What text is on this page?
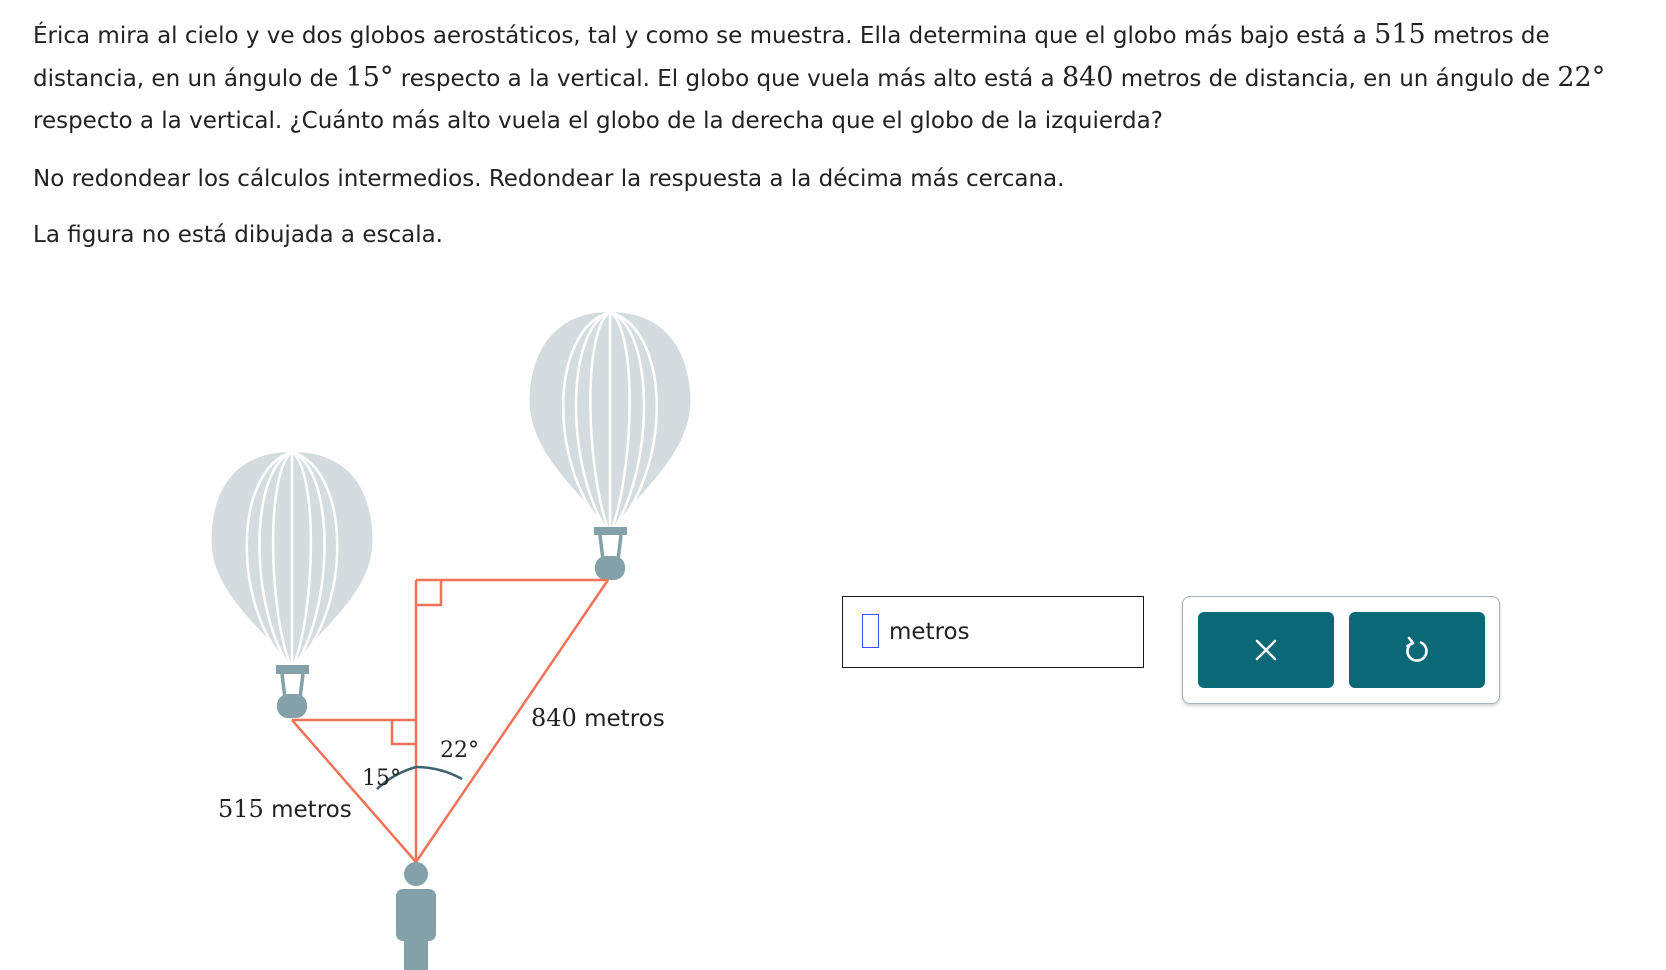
Érica mira al cielo y ve dos globos aerostáticos, tal y como se muestra. Ella determina que el globo más bajo está a 515 metros de distancia, en un ángulo de 15° respecto a la vertical. El globo que vuela más alto está a 840 metros de distancia, en un ángulo de 22° respecto a la vertical. ¿Cuánto más alto vuela el globo de la derecha que el globo de la izquierda?

No redondear los cálculos intermedios. Redondear la respuesta a la décima más cercana.
La figura no está dibujada a escala.
840 metros
515 metros
22°
15°
metros
